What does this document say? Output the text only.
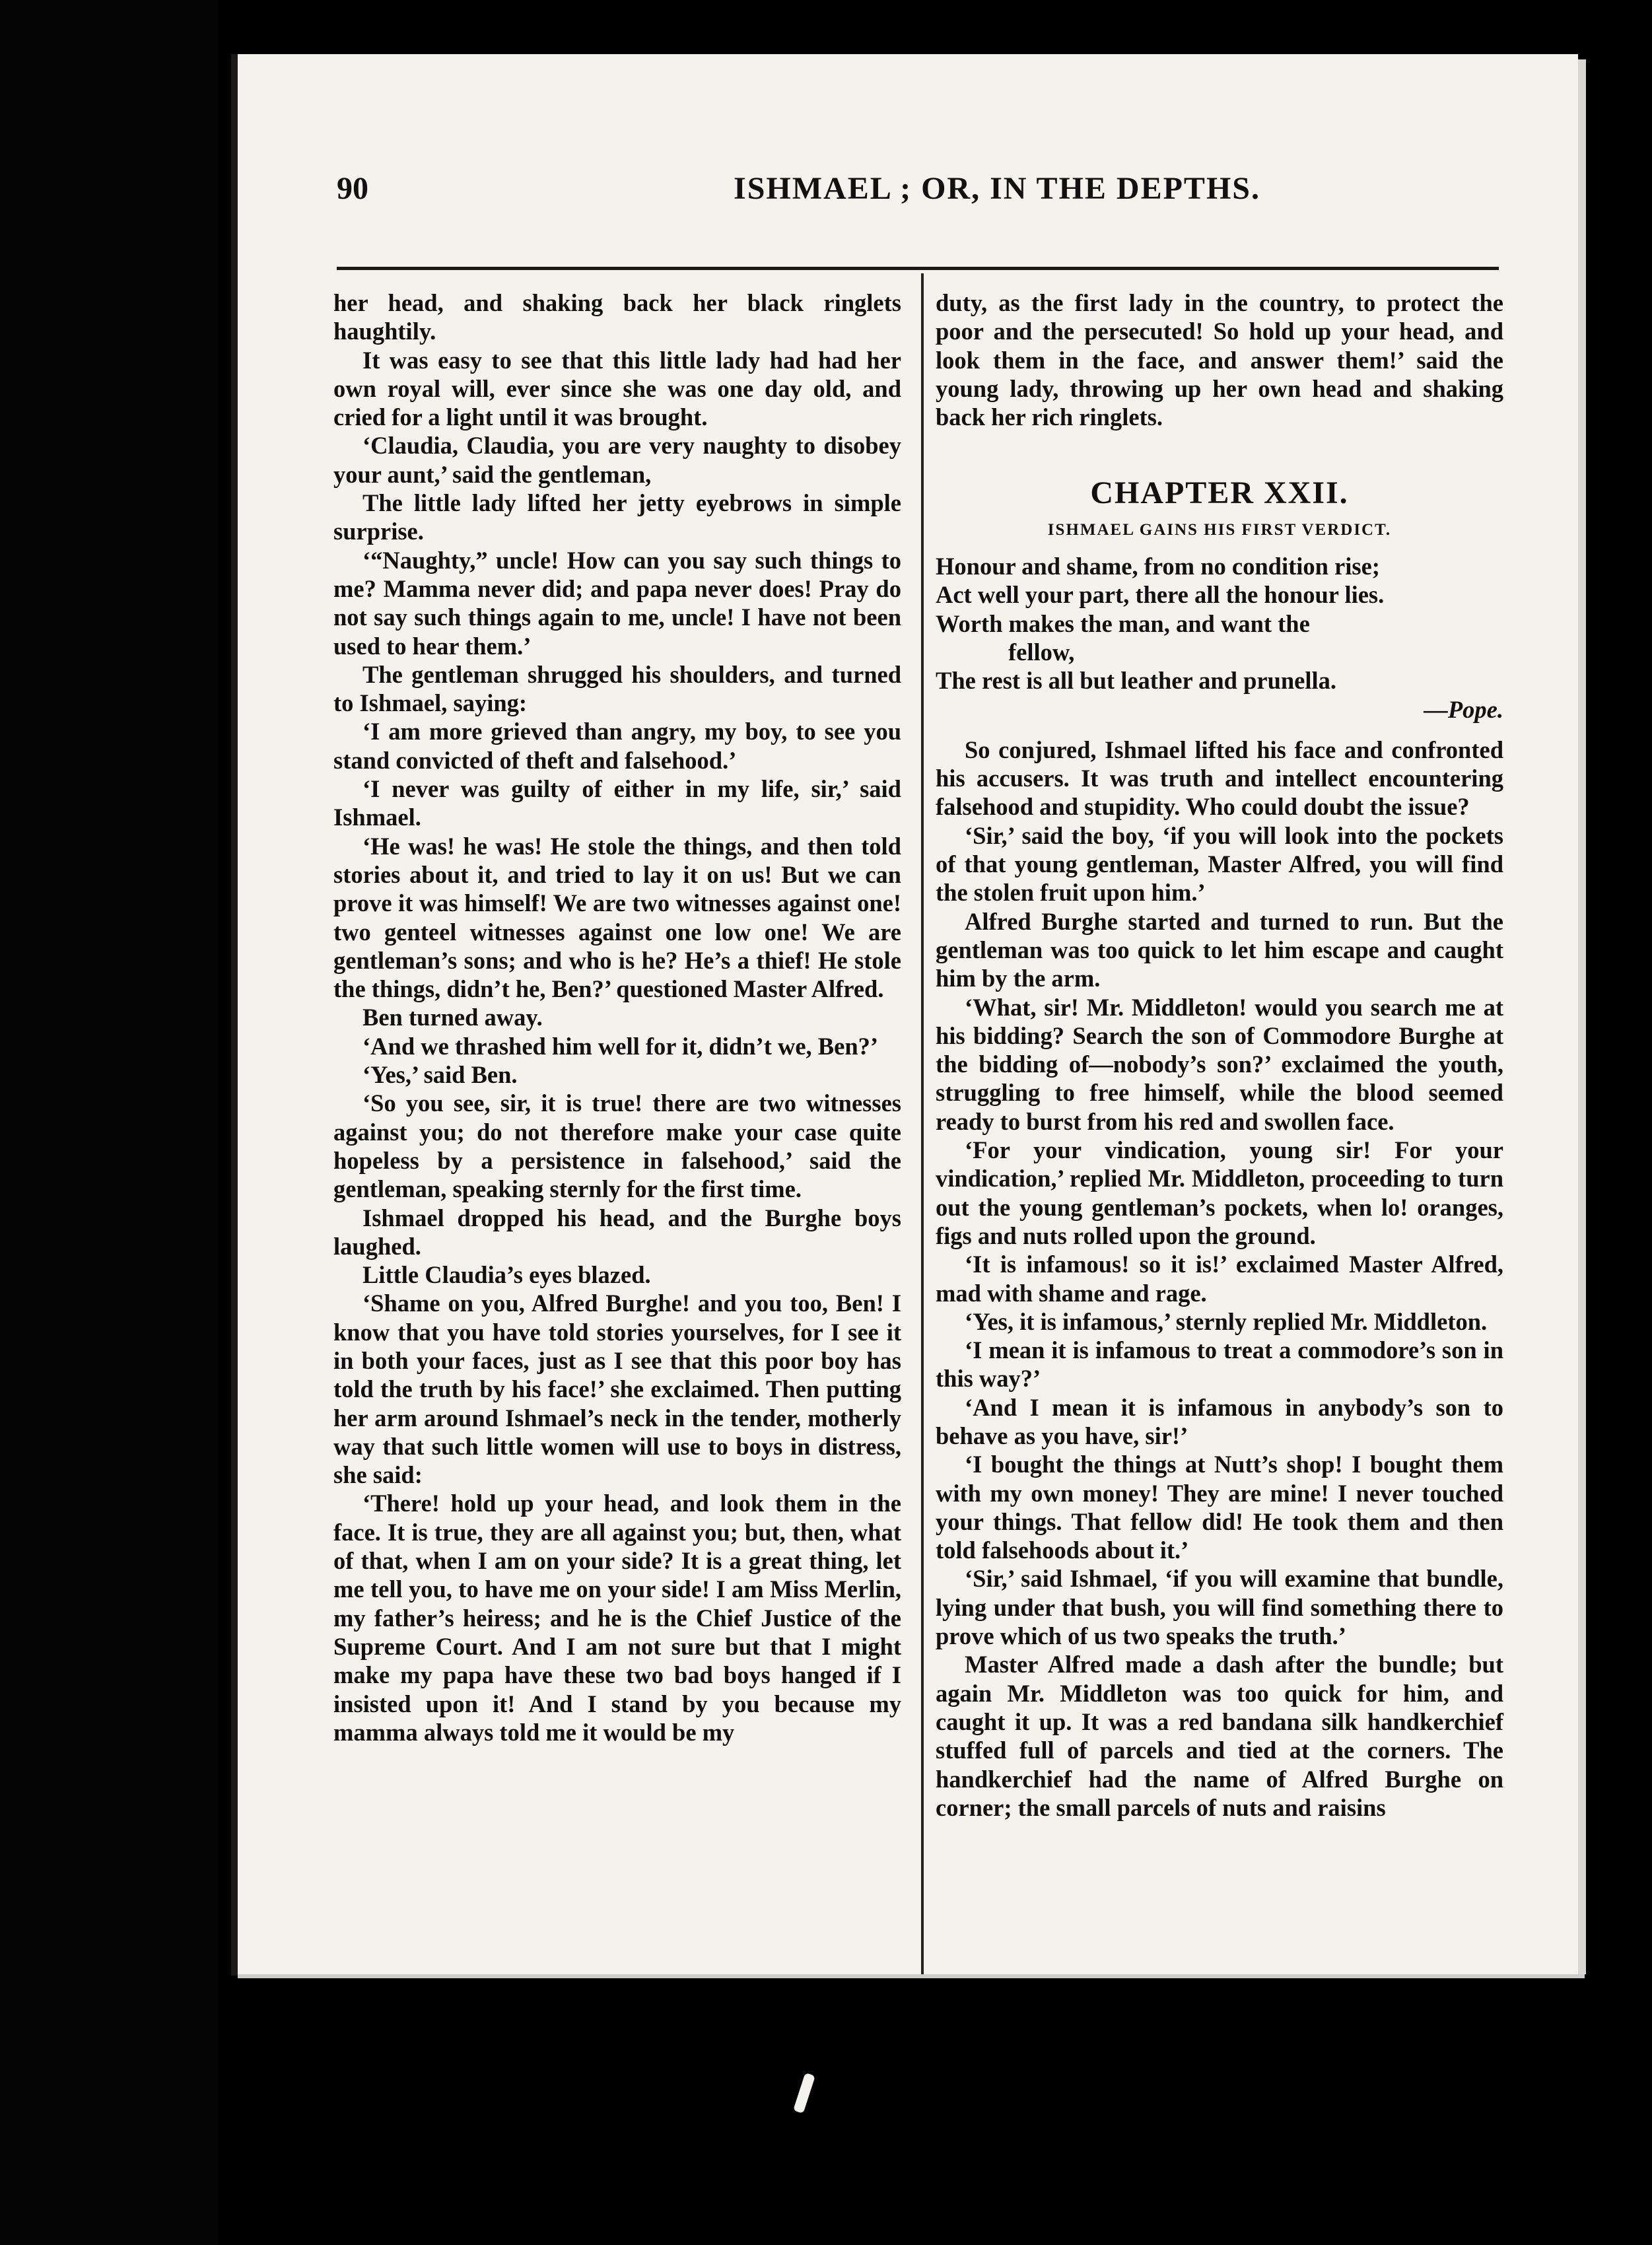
90	ISHMAEL ; OR, IN THE DEPTHS.

her head, and shaking back her black ringlets haughtily.

It was easy to see that this little lady had had her own royal will, ever since she was one day old, and cried for a light until it was brought.

‘Claudia, Claudia, you are very naughty to disobey your aunt,’ said the gentleman,

The little lady lifted her jetty eyebrows in simple surprise.

‘“Naughty,” uncle! How can you say such things to me? Mamma never did; and papa never does! Pray do not say such things again to me, uncle! I have not been used to hear them.’

The gentleman shrugged his shoulders, and turned to Ishmael, saying:

‘I am more grieved than angry, my boy, to see you stand convicted of theft and falsehood.’

‘I never was guilty of either in my life, sir,’ said Ishmael.

‘He was! he was! He stole the things, and then told stories about it, and tried to lay it on us! But we can prove it was himself! We are two witnesses against one! two genteel witnesses against one low one! We are gentleman’s sons; and who is he? He’s a thief! He stole the things, didn’t he, Ben?’ questioned Master Alfred.

Ben turned away.

‘And we thrashed him well for it, didn’t we, Ben?’

‘Yes,’ said Ben.

‘So you see, sir, it is true! there are two witnesses against you; do not therefore make your case quite hopeless by a persistence in falsehood,’ said the gentleman, speaking sternly for the first time.

Ishmael dropped his head, and the Burghe boys laughed.

Little Claudia’s eyes blazed.

‘Shame on you, Alfred Burghe! and you too, Ben! I know that you have told stories yourselves, for I see it in both your faces, just as I see that this poor boy has told the truth by his face!’ she exclaimed. Then putting her arm around Ishmael’s neck in the tender, motherly way that such little women will use to boys in distress, she said:

‘There! hold up your head, and look them in the face. It is true, they are all against you; but, then, what of that, when I am on your side? It is a great thing, let me tell you, to have me on your side! I am Miss Merlin, my father’s heiress; and he is the Chief Justice of the Supreme Court. And I am not sure but that I might make my papa have these two bad boys hanged if I insisted upon it! And I stand by you because my mamma always told me it would be my

duty, as the first lady in the country, to protect the poor and the persecuted! So hold up your head, and look them in the face, and answer them!’ said the young lady, throwing up her own head and shaking back her rich ringlets.

CHAPTER XXII.
ISHMAEL GAINS HIS FIRST VERDICT.
Honour and shame, from no condition rise;
Act well your part, there all the honour lies.
Worth makes the man, and want the
fellow,
The rest is all but leather and prunella.
—Pope.

So conjured, Ishmael lifted his face and confronted his accusers. It was truth and intellect encountering falsehood and stupidity. Who could doubt the issue?

‘Sir,’ said the boy, ‘if you will look into the pockets of that young gentleman, Master Alfred, you will find the stolen fruit upon him.’

Alfred Burghe started and turned to run. But the gentleman was too quick to let him escape and caught him by the arm.

‘What, sir! Mr. Middleton! would you search me at his bidding? Search the son of Commodore Burghe at the bidding of—nobody’s son?’ exclaimed the youth, struggling to free himself, while the blood seemed ready to burst from his red and swollen face.

‘For your vindication, young sir! For your vindication,’ replied Mr. Middleton, proceeding to turn out the young gentleman’s pockets, when lo! oranges, figs and nuts rolled upon the ground.

‘It is infamous! so it is!’ exclaimed Master Alfred, mad with shame and rage.

‘Yes, it is infamous,’ sternly replied Mr. Middleton.

‘I mean it is infamous to treat a commodore’s son in this way?’

‘And I mean it is infamous in anybody’s son to behave as you have, sir!’

‘I bought the things at Nutt’s shop! I bought them with my own money! They are mine! I never touched your things. That fellow did! He took them and then told falsehoods about it.’

‘Sir,’ said Ishmael, ‘if you will examine that bundle, lying under that bush, you will find something there to prove which of us two speaks the truth.’

Master Alfred made a dash after the bundle; but again Mr. Middleton was too quick for him, and caught it up. It was a red bandana silk handkerchief stuffed full of parcels and tied at the corners. The handkerchief had the name of Alfred Burghe on corner; the small parcels of nuts and raisins
